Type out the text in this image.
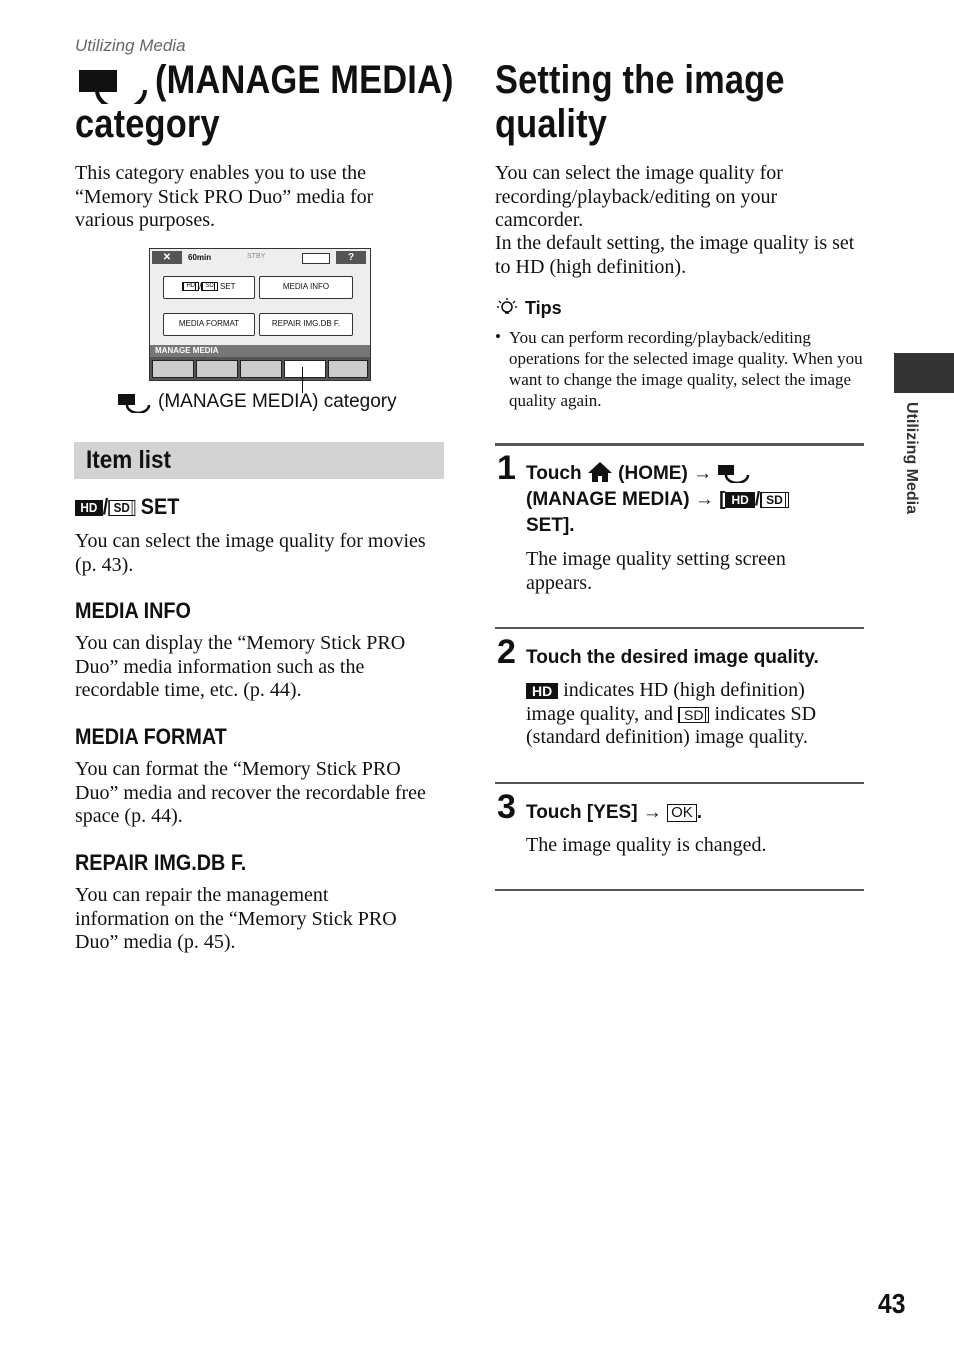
Utilizing Media
(MANAGE MEDIA)
category
This category enables you to use the “Memory Stick PRO Duo” media for various purposes.
✕	60min	STBY	?
HD / SD SET	MEDIA INFO
MEDIA FORMAT	REPAIR IMG.DB F.
MANAGE MEDIA
(MANAGE MEDIA) category
Item list
HD / SD SET
You can select the image quality for movies (p. 43).
MEDIA INFO
You can display the “Memory Stick PRO Duo” media information such as the recordable time, etc. (p. 44).
MEDIA FORMAT
You can format the “Memory Stick PRO Duo” media and recover the recordable free space (p. 44).
REPAIR IMG.DB F.
You can repair the management information on the “Memory Stick PRO Duo” media (p. 45).
Setting the image
quality
You can select the image quality for recording/playback/editing on your camcorder.
In the default setting, the image quality is set to HD (high definition).
Tips
• You can perform recording/playback/editing operations for the selected image quality. When you want to change the image quality, select the image quality again.
1 Touch (HOME) →
(MANAGE MEDIA) → [ HD / SD
SET].
The image quality setting screen appears.
2 Touch the desired image quality.
HD indicates HD (high definition)
image quality, and SD indicates SD
(standard definition) image quality.
3 Touch [YES] → OK .
The image quality is changed.
Utilizing Media
43
